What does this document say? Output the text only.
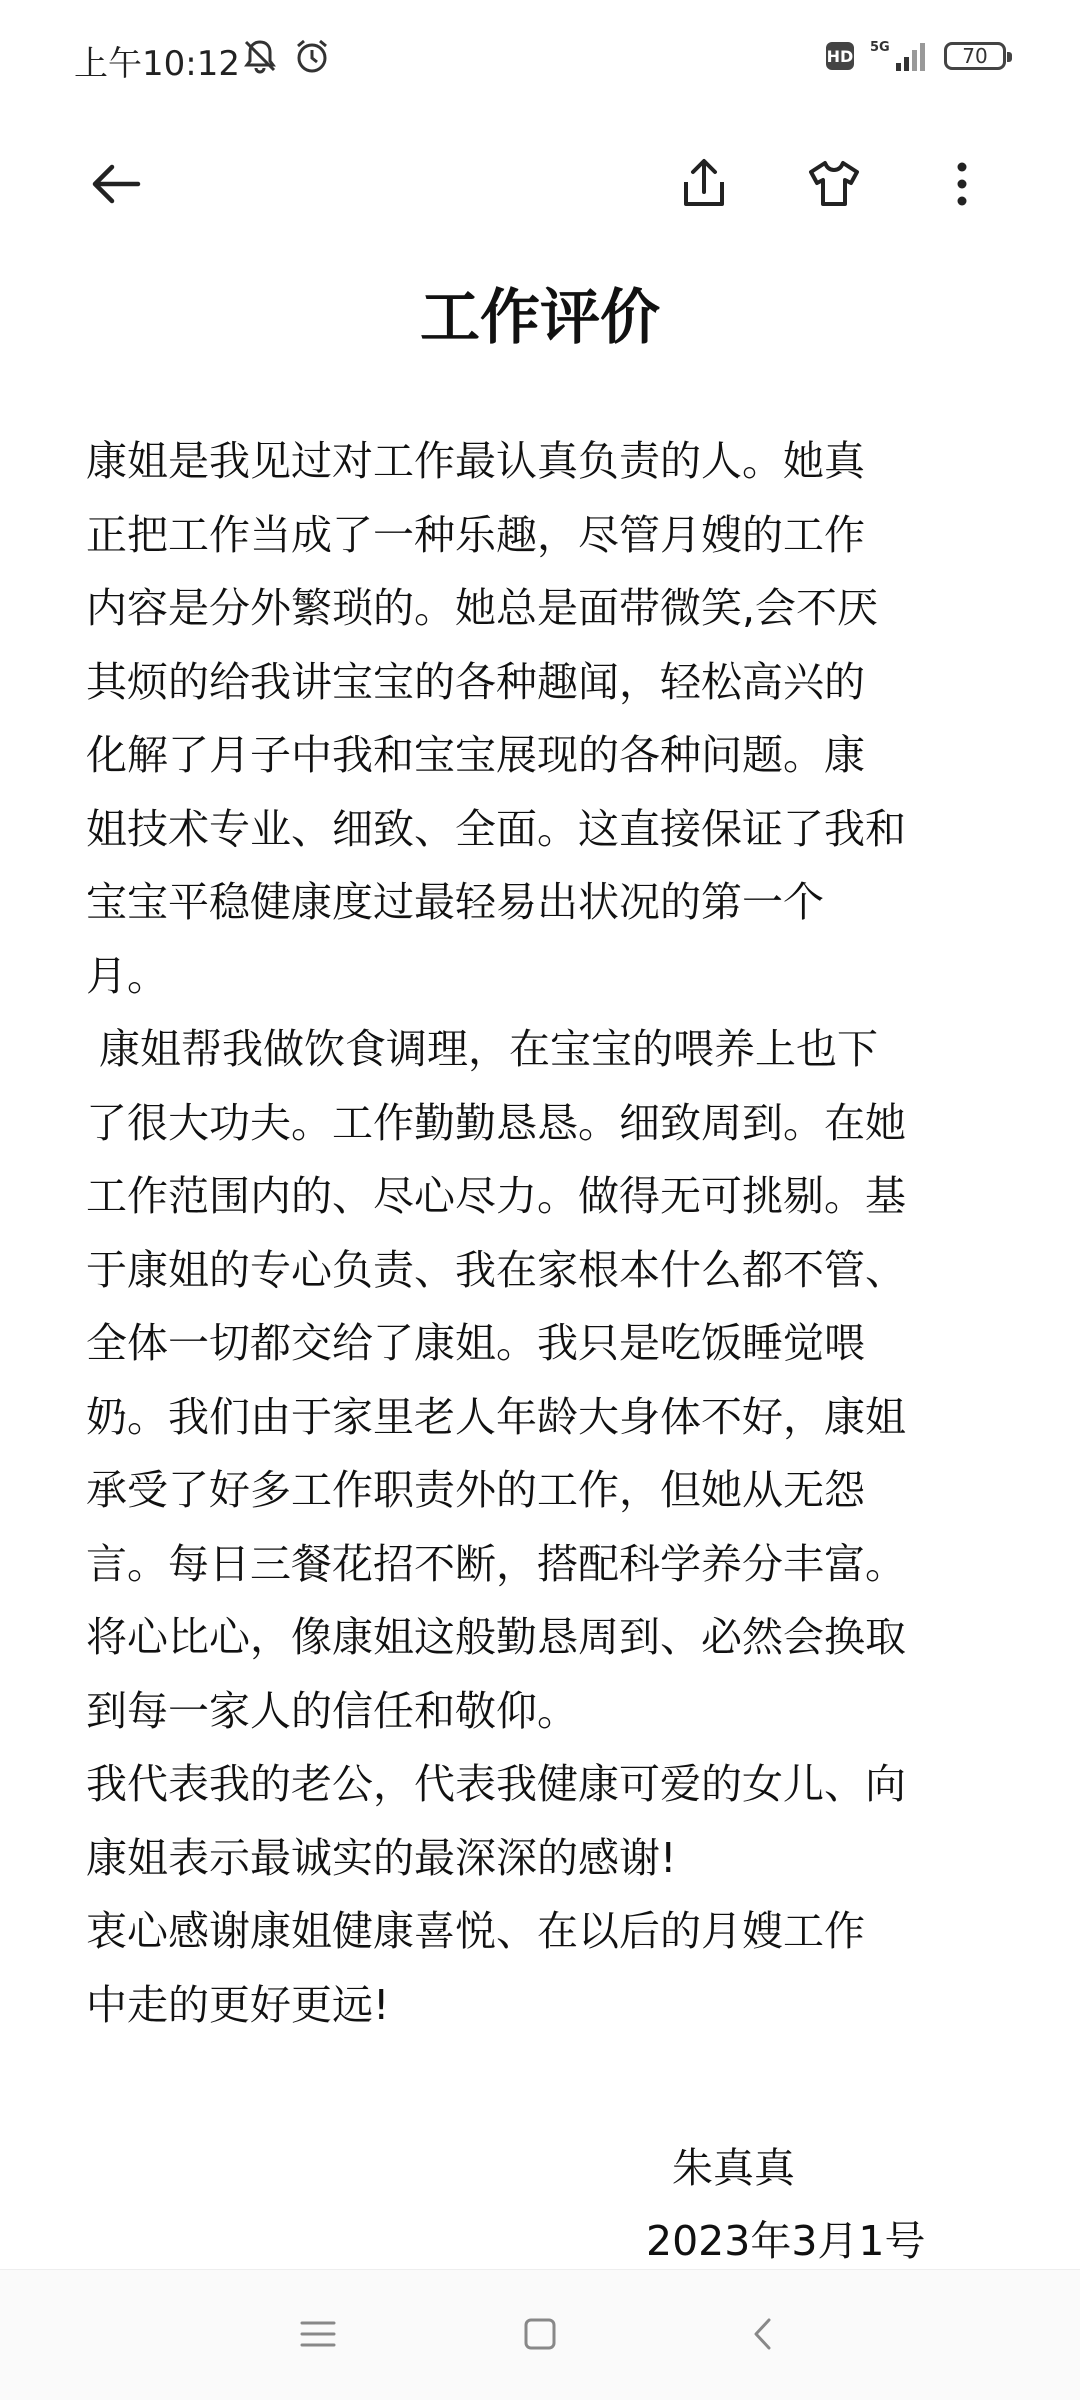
上午10:12	HD 5G	70
工作评价
康姐是我见过对工作最认真负责的人。她真
正把工作当成了一种乐趣，尽管月嫂的工作
内容是分外繁琐的。她总是面带微笑,会不厌
其烦的给我讲宝宝的各种趣闻，轻松高兴的
化解了月子中我和宝宝展现的各种问题。康
姐技术专业、细致、全面。这直接保证了我和
宝宝平稳健康度过最轻易出状况的第一个
月。
康姐帮我做饮食调理，在宝宝的喂养上也下
了很大功夫。工作勤勤恳恳。细致周到。在她
工作范围内的、尽心尽力。做得无可挑剔。基
于康姐的专心负责、我在家根本什么都不管、
全体一切都交给了康姐。我只是吃饭睡觉喂
奶。我们由于家里老人年龄大身体不好，康姐
承受了好多工作职责外的工作，但她从无怨
言。每日三餐花招不断，搭配科学养分丰富。
将心比心，像康姐这般勤恳周到、必然会换取
到每一家人的信任和敬仰。
我代表我的老公，代表我健康可爱的女儿、向
康姐表示最诚实的最深深的感谢!
衷心感谢康姐健康喜悦、在以后的月嫂工作
中走的更好更远!
朱真真
2023年3月1号
